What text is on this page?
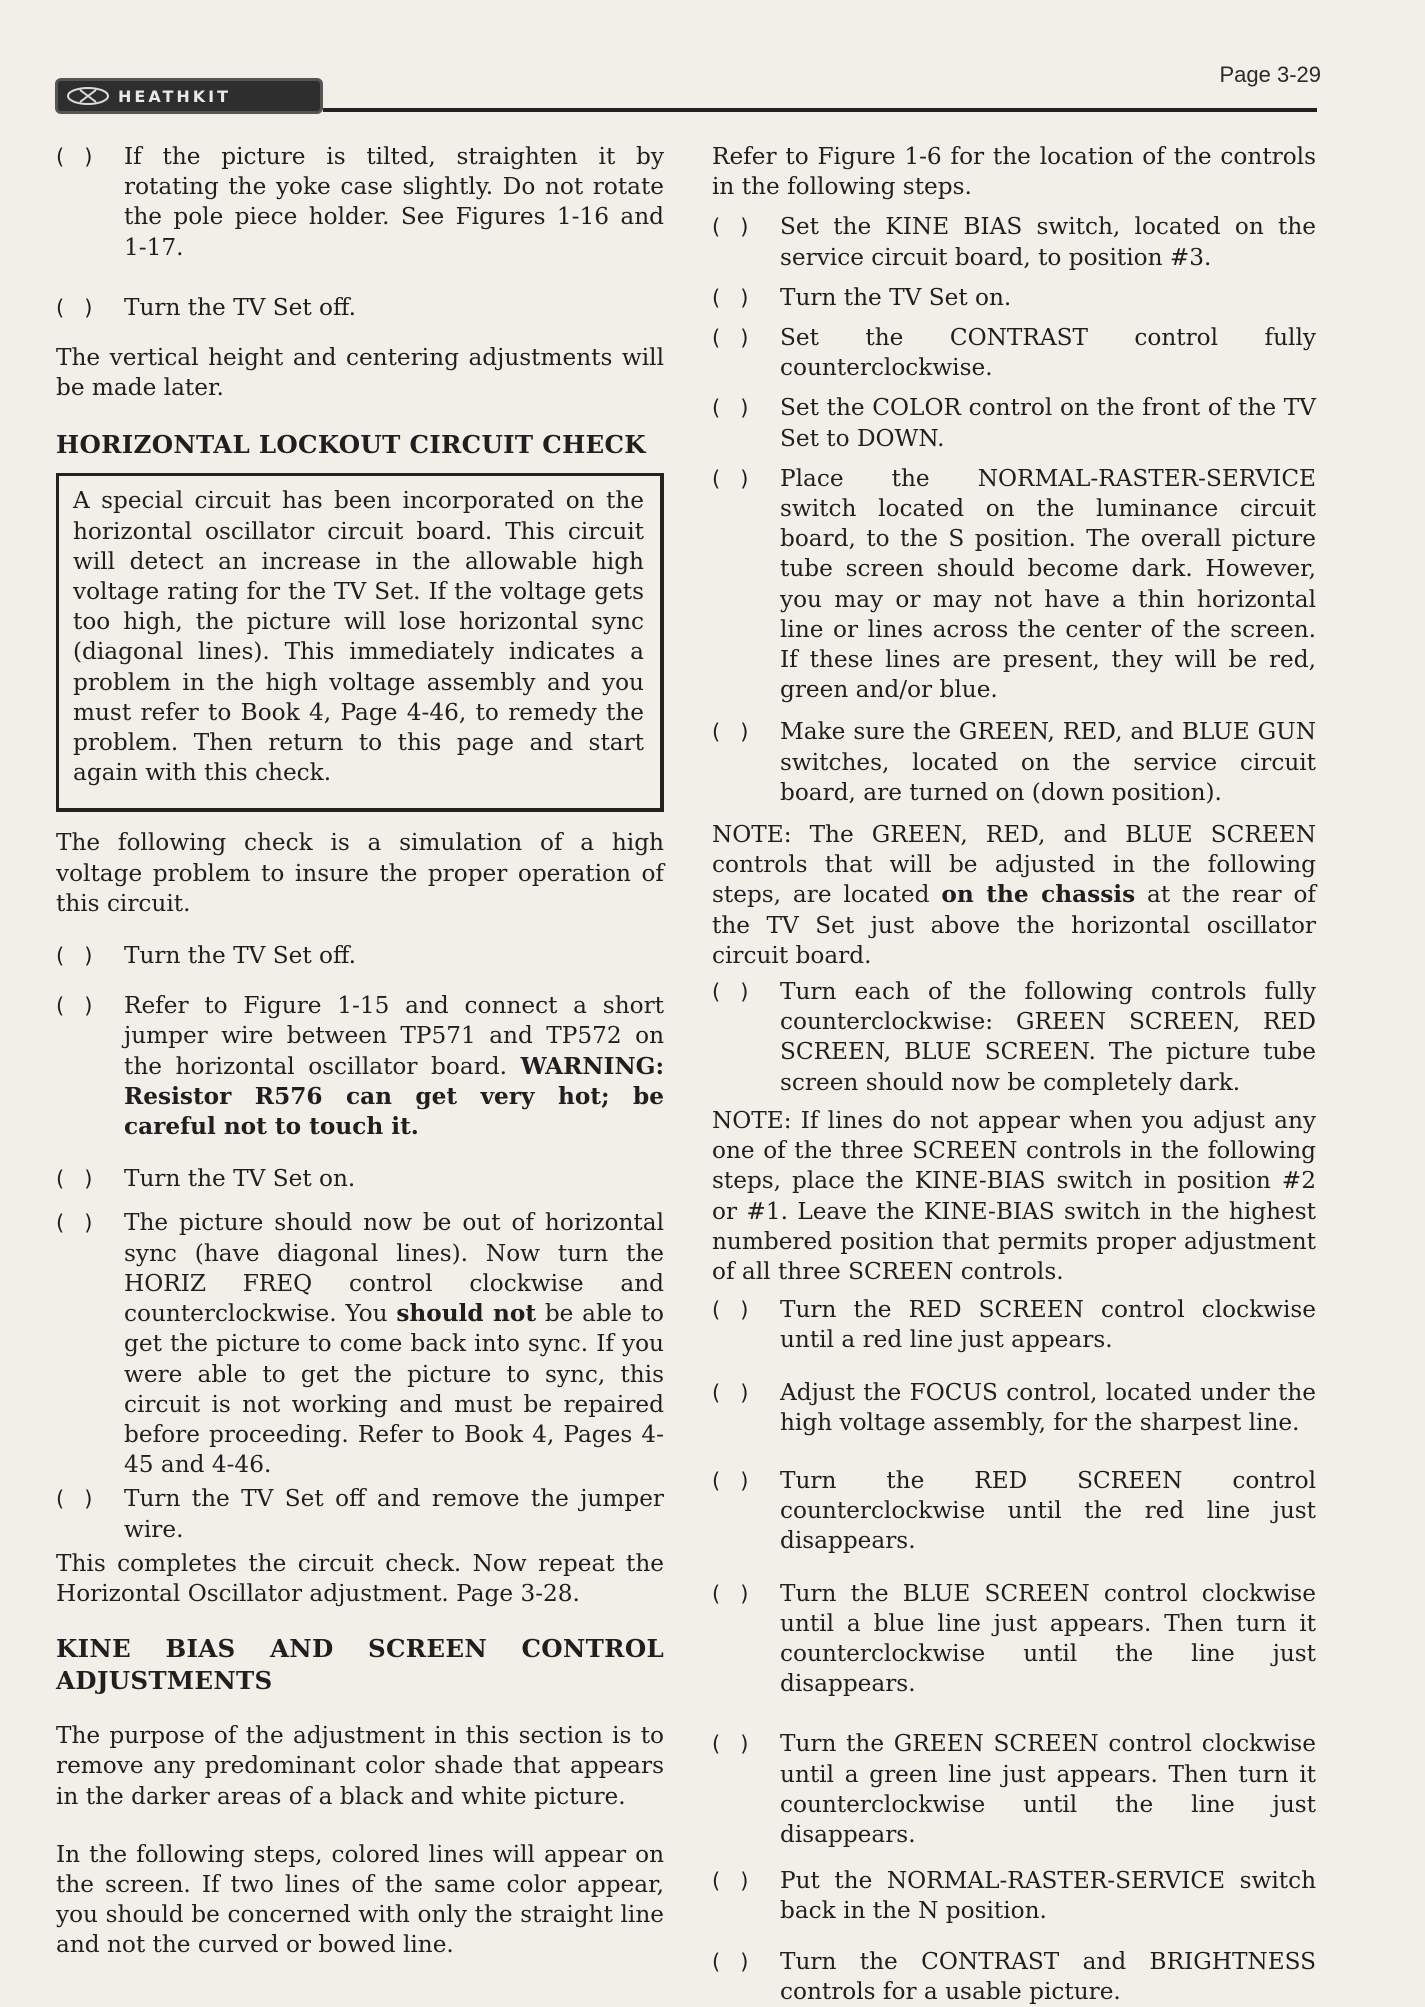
Page 3-29
HEATHKIT
(   )	If the picture is tilted, straighten it by rotating the yoke case slightly. Do not rotate the pole piece holder. See Figures 1-16 and 1-17.
(   )	Turn the TV Set off.

The vertical height and centering adjustments will be made later.

HORIZONTAL LOCKOUT CIRCUIT CHECK
A special circuit has been incorporated on the horizontal oscillator circuit board. This circuit will detect an increase in the allowable high voltage rating for the TV Set. If the voltage gets too high, the picture will lose horizontal sync (diagonal lines). This immediately indicates a problem in the high voltage assembly and you must refer to Book 4, Page 4-46, to remedy the problem. Then return to this page and start again with this check.

The following check is a simulation of a high voltage problem to insure the proper operation of this circuit.

(   )	Turn the TV Set off.
(   )	Refer to Figure 1-15 and connect a short jumper wire between TP571 and TP572 on the horizontal oscillator board. WARNING: Resistor R576 can get very hot; be careful not to touch it.
(   )	Turn the TV Set on.
(   )	The picture should now be out of horizontal sync (have diagonal lines). Now turn the HORIZ FREQ control clockwise and counterclockwise. You should not be able to get the picture to come back into sync. If you were able to get the picture to sync, this circuit is not working and must be repaired before proceeding. Refer to Book 4, Pages 4-45 and 4-46.
(   )	Turn the TV Set off and remove the jumper wire.

This completes the circuit check. Now repeat the Horizontal Oscillator adjustment. Page 3-28.

KINE BIAS AND SCREEN CONTROL ADJUSTMENTS

The purpose of the adjustment in this section is to remove any predominant color shade that appears in the darker areas of a black and white picture.

In the following steps, colored lines will appear on the screen. If two lines of the same color appear, you should be concerned with only the straight line and not the curved or bowed line.

Refer to Figure 1-6 for the location of the controls in the following steps.

(   )	Set the KINE BIAS switch, located on the service circuit board, to position #3.
(   )	Turn the TV Set on.
(   )	Set the CONTRAST control fully counterclockwise.
(   )	Set the COLOR control on the front of the TV Set to DOWN.
(   )	Place the NORMAL-RASTER-SERVICE switch located on the luminance circuit board, to the S position. The overall picture tube screen should become dark. However, you may or may not have a thin horizontal line or lines across the center of the screen. If these lines are present, they will be red, green and/or blue.
(   )	Make sure the GREEN, RED, and BLUE GUN switches, located on the service circuit board, are turned on (down position).

NOTE: The GREEN, RED, and BLUE SCREEN controls that will be adjusted in the following steps, are located on the chassis at the rear of the TV Set just above the horizontal oscillator circuit board.

(   )	Turn each of the following controls fully counterclockwise: GREEN SCREEN, RED SCREEN, BLUE SCREEN. The picture tube screen should now be completely dark.

NOTE: If lines do not appear when you adjust any one of the three SCREEN controls in the following steps, place the KINE-BIAS switch in position #2 or #1. Leave the KINE-BIAS switch in the highest numbered position that permits proper adjustment of all three SCREEN controls.

(   )	Turn the RED SCREEN control clockwise until a red line just appears.
(   )	Adjust the FOCUS control, located under the high voltage assembly, for the sharpest line.
(   )	Turn the RED SCREEN control counterclockwise until the red line just disappears.
(   )	Turn the BLUE SCREEN control clockwise until a blue line just appears. Then turn it counterclockwise until the line just disappears.
(   )	Turn the GREEN SCREEN control clockwise until a green line just appears. Then turn it counterclockwise until the line just disappears.
(   )	Put the NORMAL-RASTER-SERVICE switch back in the N position.
(   )	Turn the CONTRAST and BRIGHTNESS controls for a usable picture.
